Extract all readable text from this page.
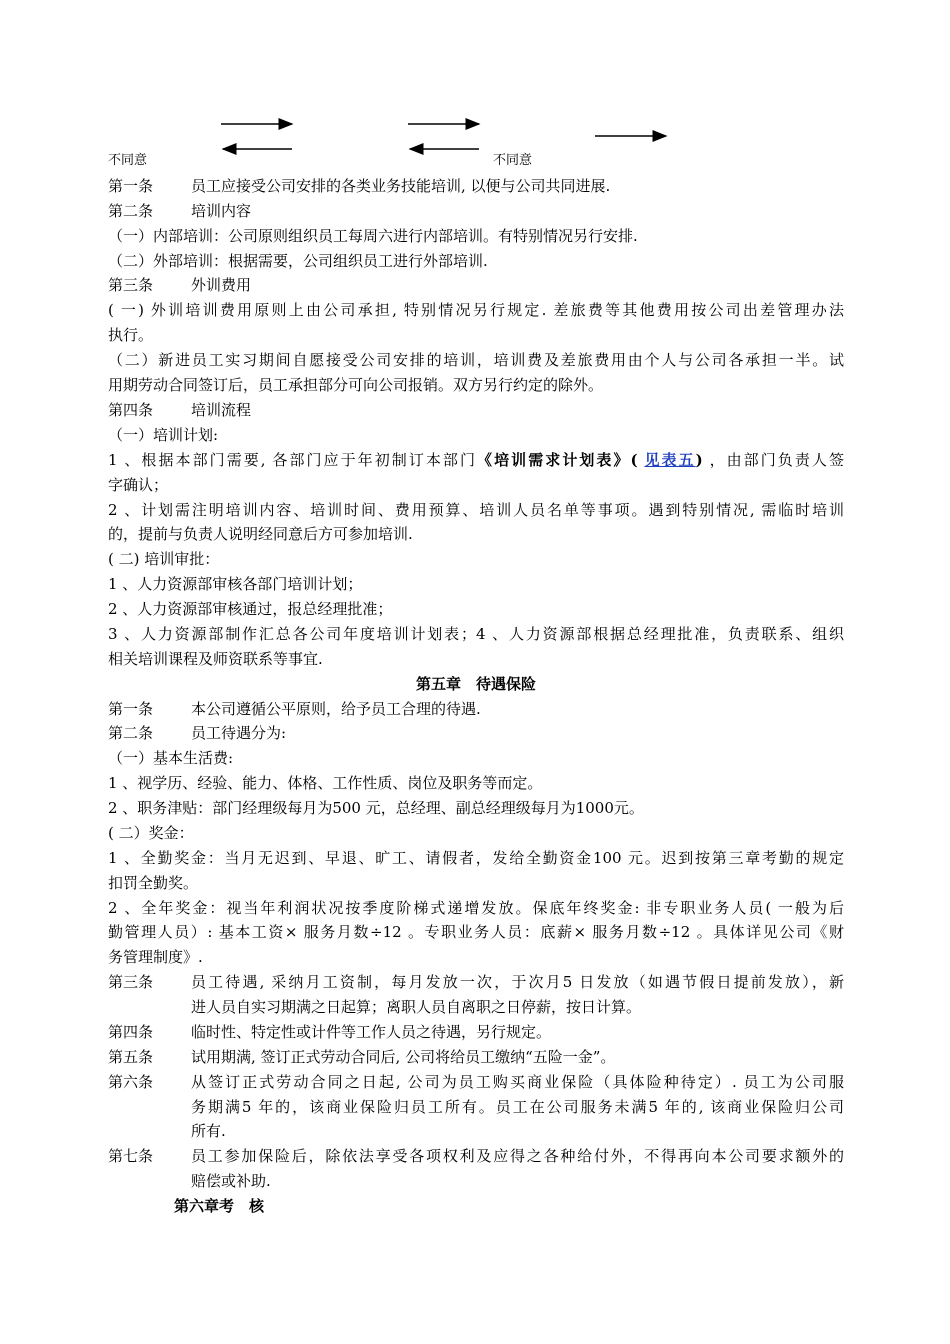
不同意	不同意
第一条	员工应接受公司安排的各类业务技能培训, 以便与公司共同进展.
第二条	培训内容
（一）内部培训：公司原则组织员工每周六进行内部培训。有特别情况另行安排.
（二）外部培训：根据需要，公司组织员工进行外部培训.
第三条	外训费用
( 一) 外训培训费用原则上由公司承担, 特别情况另行规定. 差旅费等其他费用按公司出差管理办法
执行。
（二）新进员工实习期间自愿接受公司安排的培训，培训费及差旅费用由个人与公司各承担一半。试
用期劳动合同签订后，员工承担部分可向公司报销。双方另行约定的除外。
第四条	培训流程
（一）培训计划:
1 、根据本部门需要, 各部门应于年初制订本部门《培训需求计划表》( 见表五) ，由部门负责人签
字确认；
2 、计划需注明培训内容、培训时间、费用预算、培训人员名单等事项。遇到特别情况, 需临时培训
的，提前与负责人说明经同意后方可参加培训.
( 二) 培训审批：
1 、人力资源部审核各部门培训计划；
2 、人力资源部审核通过，报总经理批准；
3 、人力资源部制作汇总各公司年度培训计划表；4 、人力资源部根据总经理批准，负责联系、组织
相关培训课程及师资联系等事宜.
第五章　待遇保险
第一条	本公司遵循公平原则，给予员工合理的待遇.
第二条	员工待遇分为:
（一）基本生活费:
1 、视学历、经验、能力、体格、工作性质、岗位及职务等而定。
2 、职务津贴：部门经理级每月为500 元，总经理、副总经理级每月为1000元。
( 二）奖金：
1 、全勤奖金：当月无迟到、早退、旷工、请假者，发给全勤资金100 元。迟到按第三章考勤的规定
扣罚全勤奖。
2 、全年奖金：视当年利润状况按季度阶梯式递增发放。保底年终奖金: 非专职业务人员( 一般为后
勤管理人员）: 基本工资× 服务月数÷12 。专职业务人员：底薪× 服务月数÷12 。具体详见公司《财
务管理制度》.
第三条	员工待遇, 采纳月工资制，每月发放一次，于次月5 日发放（如遇节假日提前发放），新
进人员自实习期满之日起算；离职人员自离职之日停薪，按日计算。
第四条	临时性、特定性或计件等工作人员之待遇，另行规定。
第五条	试用期满, 签订正式劳动合同后, 公司将给员工缴纳“五险一金”。
第六条	从签订正式劳动合同之日起, 公司为员工购买商业保险（具体险种待定）. 员工为公司服
务期满5 年的，该商业保险归员工所有。员工在公司服务未满5 年的, 该商业保险归公司
所有.
第七条	员工参加保险后，除依法享受各项权利及应得之各种给付外，不得再向本公司要求额外的
赔偿或补助.
第六章考　核
